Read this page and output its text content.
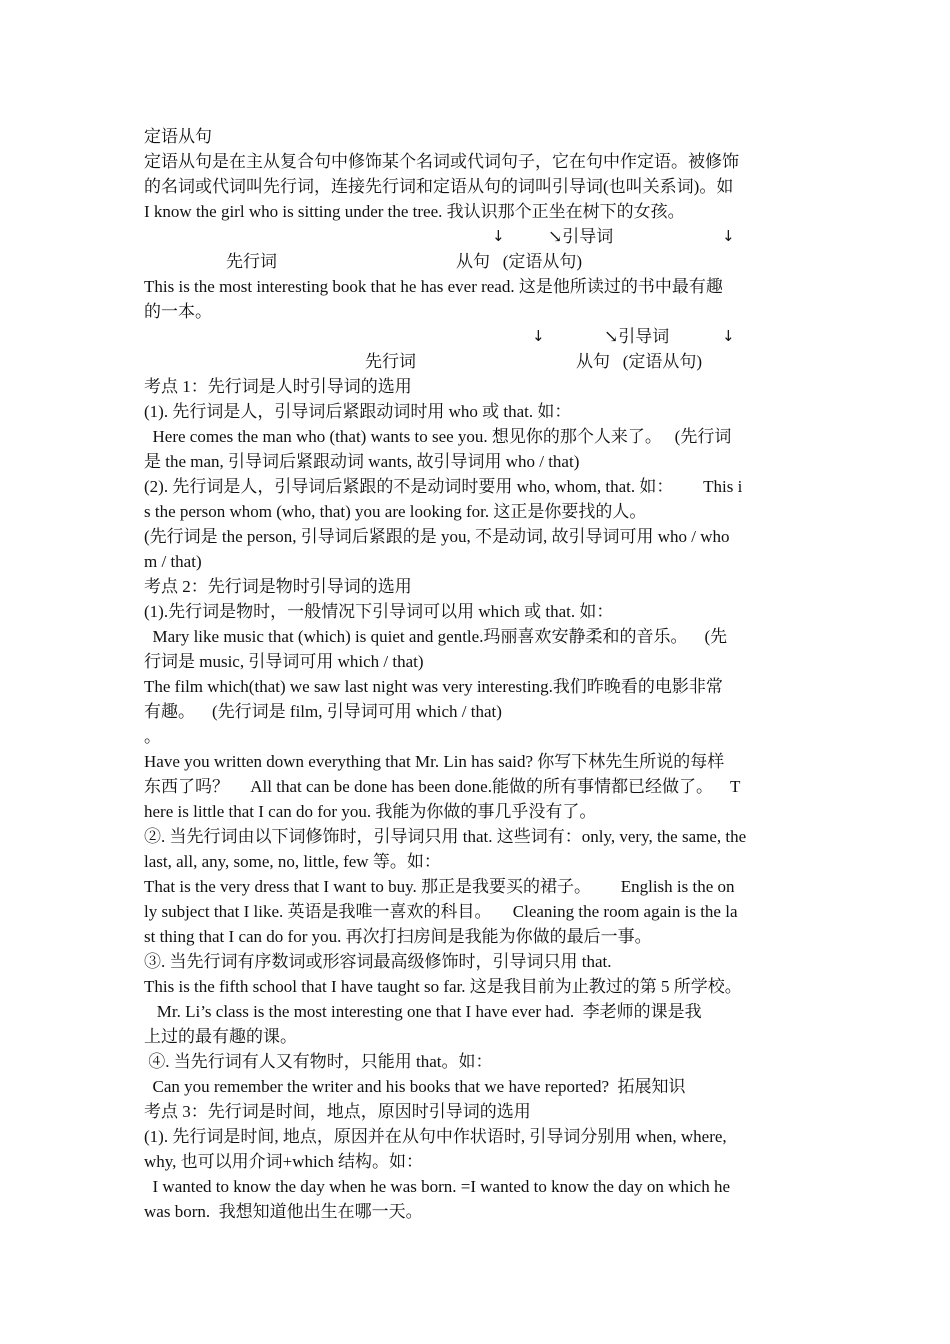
定语从句
定语从句是在主从复合句中修饰某个名词或代词句子，它在句中作定语。被修饰
的名词或代词叫先行词，连接先行词和定语从句的词叫引导词(也叫关系词)。如
I know the girl who is sitting under the tree. 我认识那个正坐在树下的女孩。
↓	↘引导词	↓
先行词	从句   (定语从句)
This is the most interesting book that he has ever read. 这是他所读过的书中最有趣
的一本。
↓	↘引导词	↓
先行词	从句   (定语从句)
考点 1：先行词是人时引导词的选用
(1). 先行词是人，引导词后紧跟动词时用 who 或 that. 如：
Here comes the man who (that) wants to see you. 想见你的那个人来了。   (先行词
是 the man, 引导词后紧跟动词 wants, 故引导词用 who / that)
(2). 先行词是人，引导词后紧跟的不是动词时要用 who, whom, that. 如：       This i
s the person whom (who, that) you are looking for. 这正是你要找的人。
(先行词是 the person, 引导词后紧跟的是 you, 不是动词, 故引导词可用 who / who
m / that)
考点 2：先行词是物时引导词的选用
(1).先行词是物时，一般情况下引导词可以用 which 或 that. 如：
Mary like music that (which) is quiet and gentle.玛丽喜欢安静柔和的音乐。    (先
行词是 music, 引导词可用 which / that)
The film which(that) we saw last night was very interesting.我们昨晚看的电影非常
有趣。    (先行词是 film, 引导词可用 which / that)
。
Have you written down everything that Mr. Lin has said? 你写下林先生所说的每样
东西了吗？     All that can be done has been done.能做的所有事情都已经做了。    T
here is little that I can do for you. 我能为你做的事几乎没有了。
②. 当先行词由以下词修饰时，引导词只用 that. 这些词有：only, very, the same, the
last, all, any, some, no, little, few 等。如：
That is the very dress that I want to buy. 那正是我要买的裙子。       English is the on
ly subject that I like. 英语是我唯一喜欢的科目。     Cleaning the room again is the la
st thing that I can do for you. 再次打扫房间是我能为你做的最后一事。
③. 当先行词有序数词或形容词最高级修饰时，引导词只用 that.
This is the fifth school that I have taught so far. 这是我目前为止教过的第 5 所学校。
Mr. Li’s class is the most interesting one that I have ever had.  李老师的课是我
上过的最有趣的课。
④. 当先行词有人又有物时，只能用 that。如：
Can you remember the writer and his books that we have reported?  拓展知识
考点 3：先行词是时间，地点，原因时引导词的选用
(1). 先行词是时间, 地点，原因并在从句中作状语时, 引导词分别用 when, where,
why, 也可以用介词+which 结构。如：
I wanted to know the day when he was born. =I wanted to know the day on which he
was born.  我想知道他出生在哪一天。
